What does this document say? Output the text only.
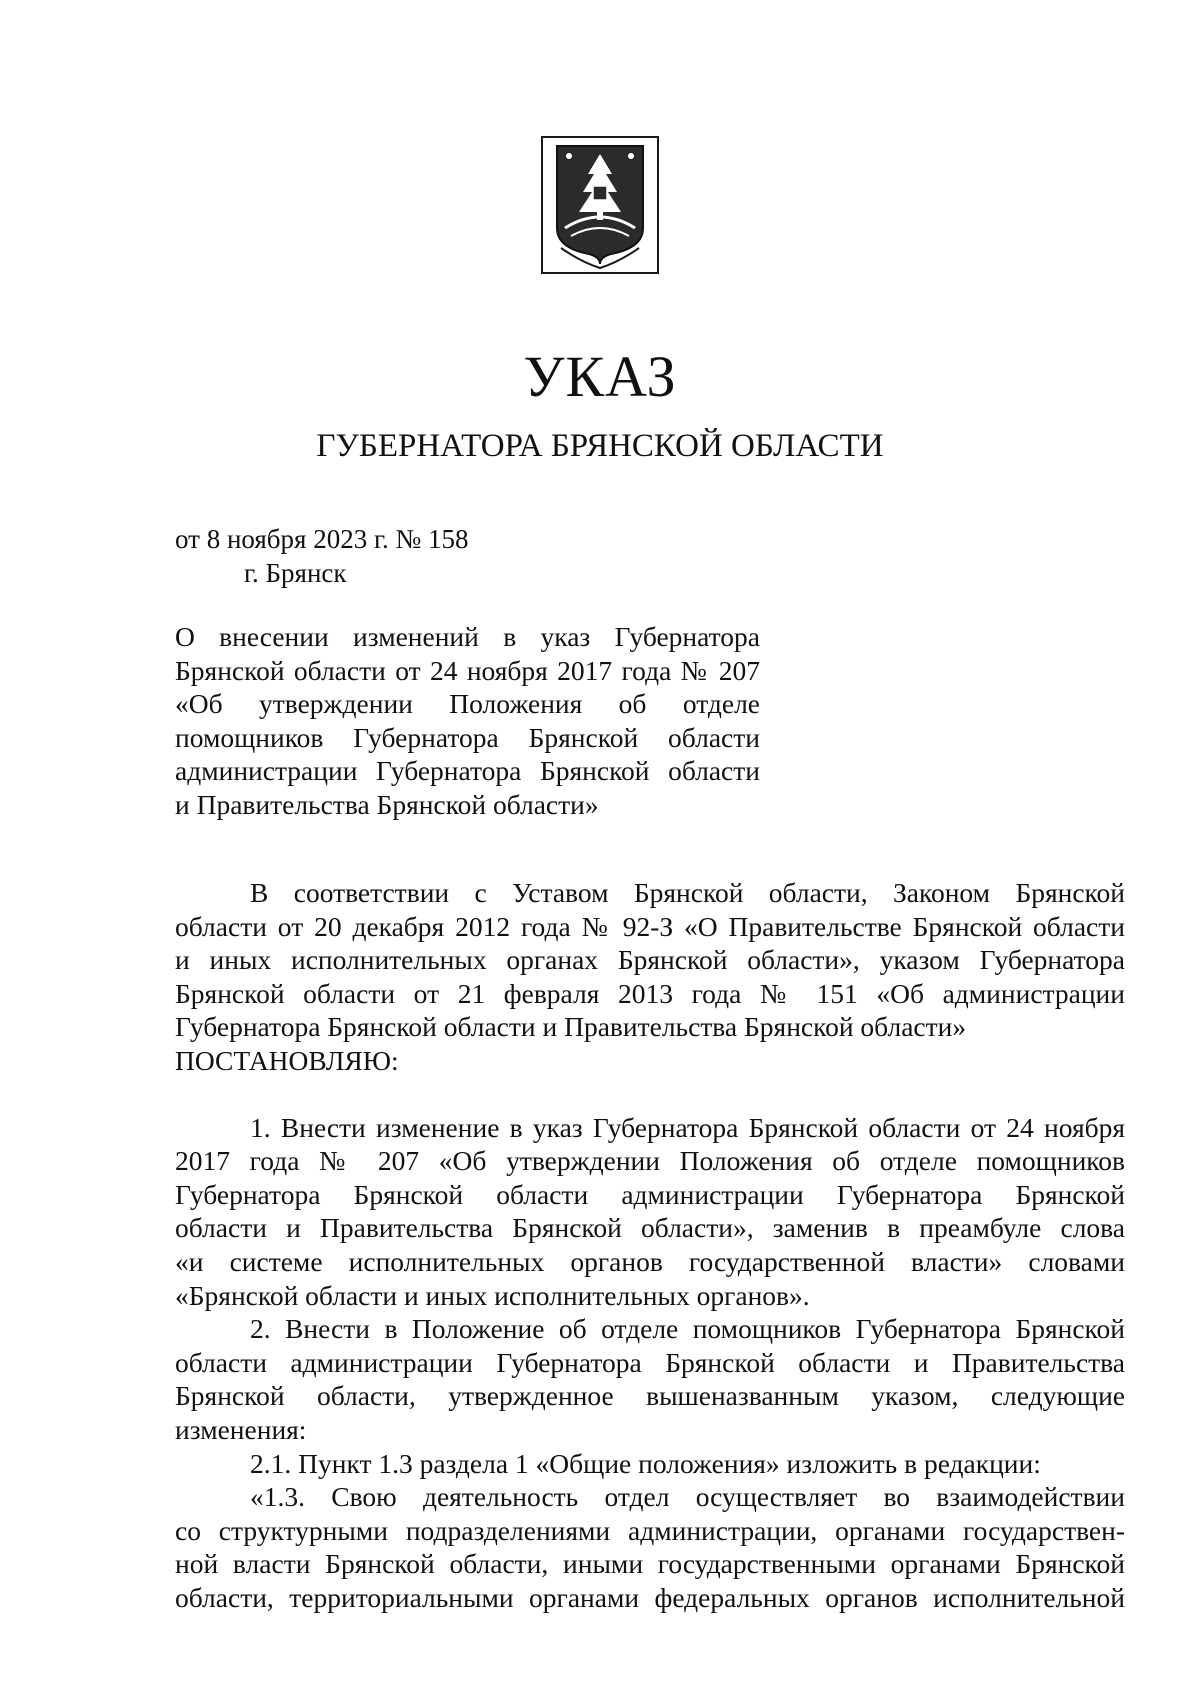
УКАЗ
ГУБЕРНАТОРА БРЯНСКОЙ ОБЛАСТИ
от 8 ноября 2023 г. № 158
г. Брянск
О внесении изменений в указ Губернатора
Брянской области от 24 ноября 2017 года № 207
«Об утверждении Положения об отделе
помощников Губернатора Брянской области
администрации Губернатора Брянской области
и Правительства Брянской области»
В соответствии с Уставом Брянской области, Законом Брянской
области от 20 декабря 2012 года № 92-З «О Правительстве Брянской области
и иных исполнительных органах Брянской области», указом Губернатора
Брянской области от 21 февраля 2013 года № 151 «Об администрации
Губернатора Брянской области и Правительства Брянской области»
ПОСТАНОВЛЯЮ:
1. Внести изменение в указ Губернатора Брянской области от 24 ноября
2017 года № 207 «Об утверждении Положения об отделе помощников
Губернатора Брянской области администрации Губернатора Брянской
области и Правительства Брянской области», заменив в преамбуле слова
«и системе исполнительных органов государственной власти» словами
«Брянской области и иных исполнительных органов».
2. Внести в Положение об отделе помощников Губернатора Брянской
области администрации Губернатора Брянской области и Правительства
Брянской области, утвержденное вышеназванным указом, следующие
изменения:
2.1. Пункт 1.3 раздела 1 «Общие положения» изложить в редакции:
«1.3. Свою деятельность отдел осуществляет во взаимодействии
со структурными подразделениями администрации, органами государствен-
ной власти Брянской области, иными государственными органами Брянской
области, территориальными органами федеральных органов исполнительной
